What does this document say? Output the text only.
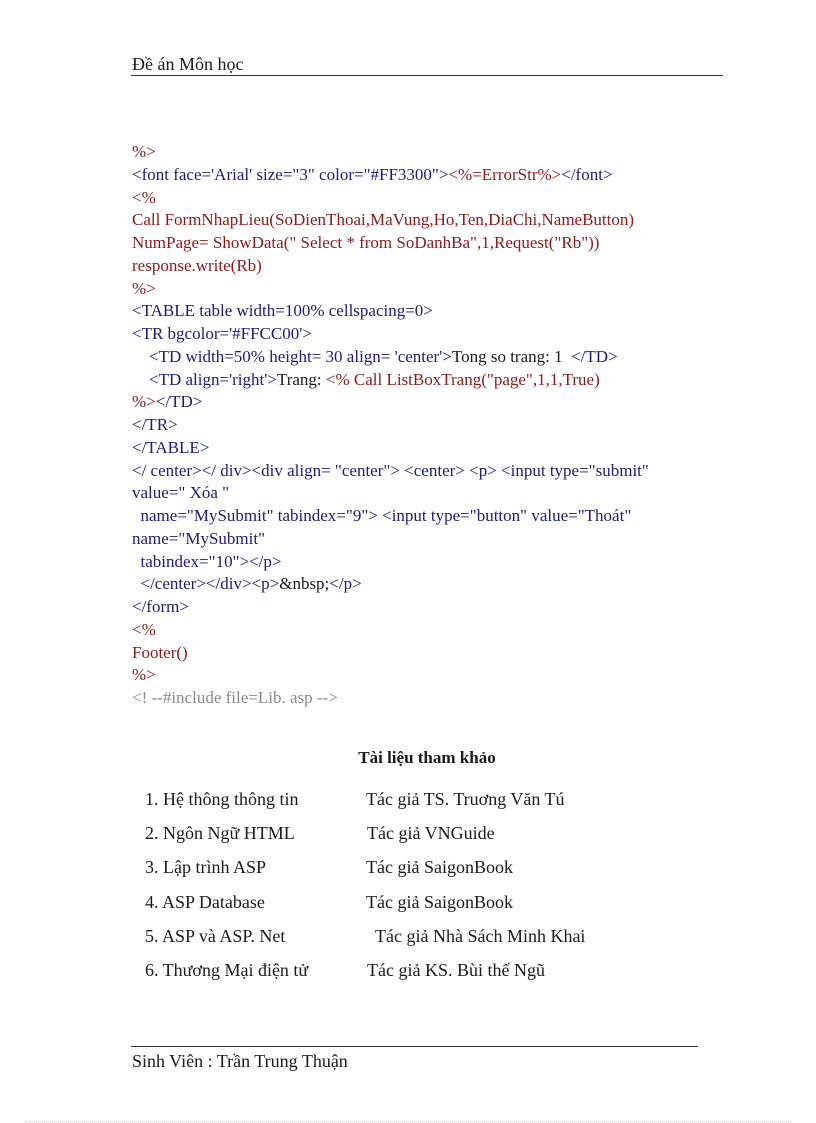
Đề án Môn học
%>
<font face='Arial' size="3" color="#FF3300"><%=ErrorStr%></font>
<%
Call FormNhapLieu(SoDienThoai,MaVung,Ho,Ten,DiaChi,NameButton)
NumPage= ShowData(" Select * from SoDanhBa",1,Request("Rb"))
response.write(Rb)
%>
<TABLE table width=100% cellspacing=0>
<TR bgcolor='#FFCC00'>
<TD width=50% height= 30 align= 'center'>Tong so trang: 1  </TD>
<TD align='right'>Trang: <% Call ListBoxTrang("page",1,1,True)
%></TD>
</TR>
</TABLE>
</ center></ div><div align= "center"> <center> <p> <input type="submit"
value=" Xóa "
name="MySubmit" tabindex="9"> <input type="button" value="Thoát"
name="MySubmit"
tabindex="10"></p>
</center></div><p>&nbsp;</p>
</form>
<%
Footer()
%>
<! --#include file=Lib. asp -->
Tài liệu tham khảo
1. Hệ thông thông tin	Tác giả TS. Truơng Văn Tú
2. Ngôn Ngữ HTML	Tác giả VNGuide
3. Lập trình ASP	Tác giả SaigonBook
4. ASP Database	Tác giả SaigonBook
5. ASP và ASP. Net	Tác giả Nhà Sách Minh Khai
6. Thương Mại điện tử	Tác giả KS. Bùi thế Ngũ
Sinh Viên : Trần Trung Thuận
